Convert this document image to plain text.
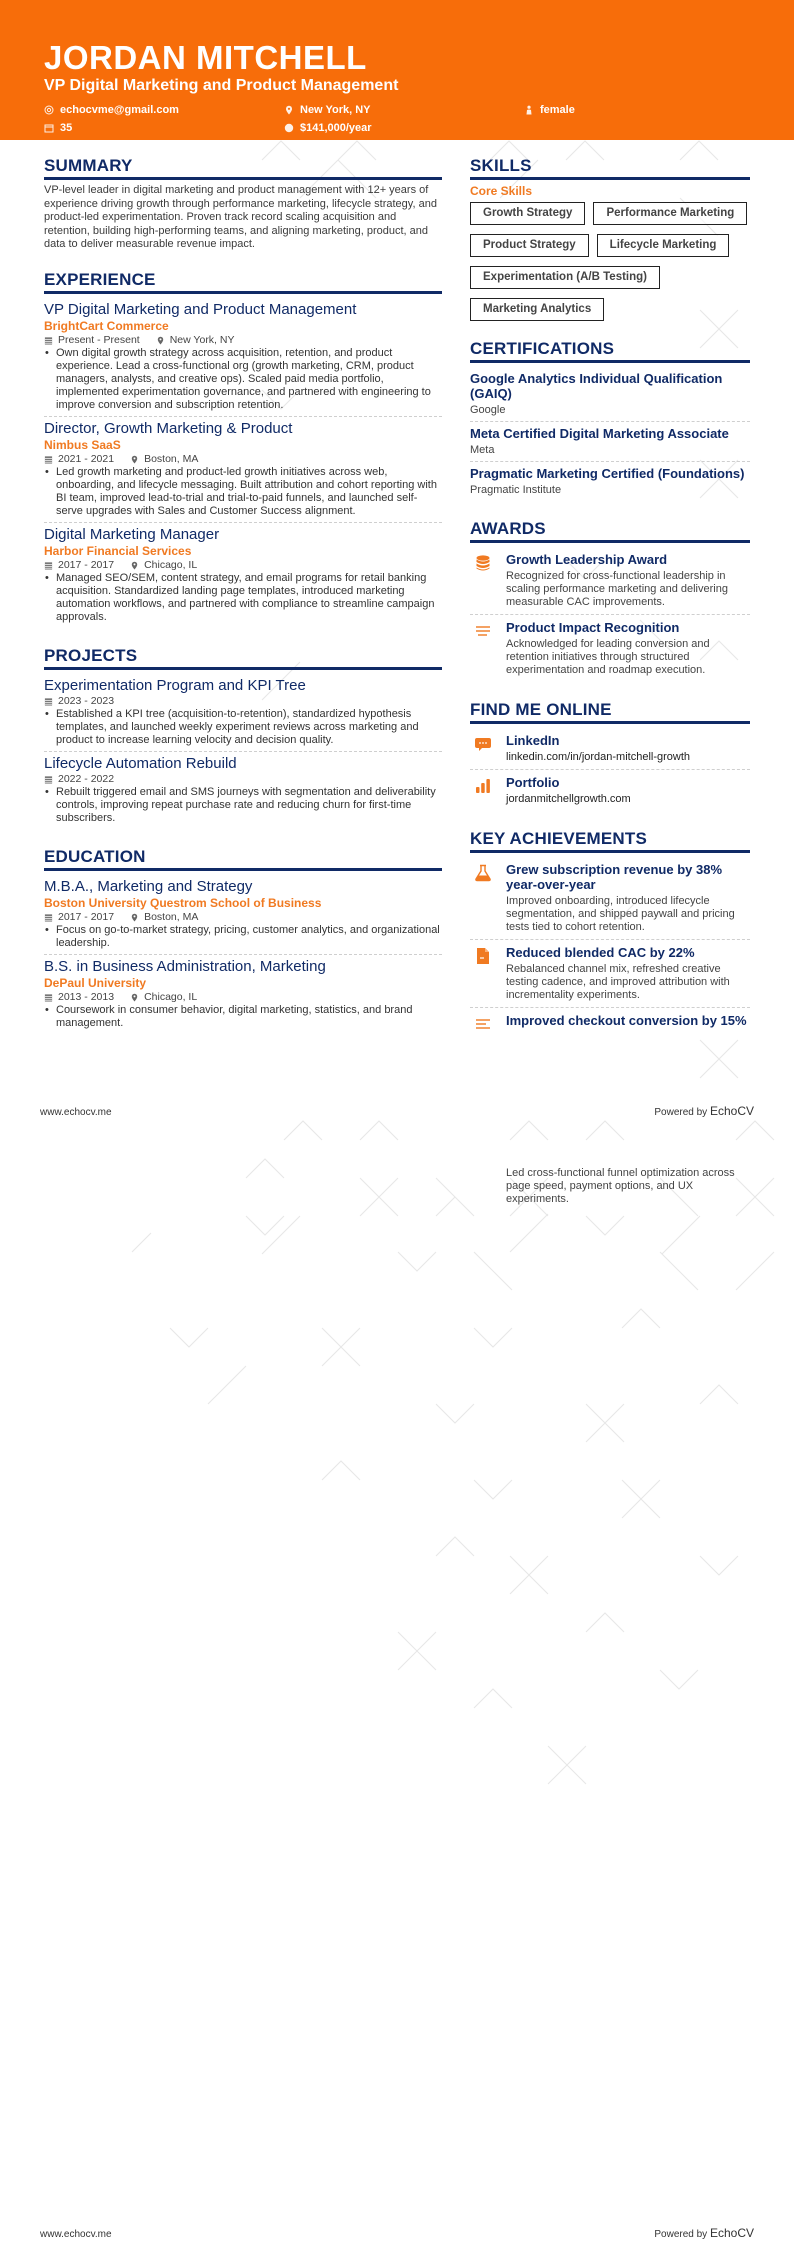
JORDAN MITCHELL
VP Digital Marketing and Product Management
echocvme@gmail.com	New York, NY	female
35	$ $141,000/year
SUMMARY

VP-level leader in digital marketing and product management with 12+ years of experience driving growth through performance marketing, lifecycle strategy, and product-led experimentation. Proven track record scaling acquisition and retention, building high-performing teams, and aligning marketing, product, and data to deliver measurable revenue impact.

EXPERIENCE
VP Digital Marketing and Product Management
BrightCart Commerce
Present - Present	New York, NY
• Own digital growth strategy across acquisition, retention, and product experience. Lead a cross-functional org (growth marketing, CRM, product managers, analysts, and creative ops). Scaled paid media portfolio, implemented experimentation governance, and partnered with engineering to improve conversion and subscription retention.
Director, Growth Marketing & Product
Nimbus SaaS
2021 - 2021	Boston, MA
• Led growth marketing and product-led growth initiatives across web, onboarding, and lifecycle messaging. Built attribution and cohort reporting with BI team, improved lead-to-trial and trial-to-paid funnels, and launched self-serve upgrades with Sales and Customer Success alignment.
Digital Marketing Manager
Harbor Financial Services
2017 - 2017	Chicago, IL
• Managed SEO/SEM, content strategy, and email programs for retail banking acquisition. Standardized landing page templates, introduced marketing automation workflows, and partnered with compliance to streamline campaign approvals.
PROJECTS
Experimentation Program and KPI Tree
2023 - 2023
• Established a KPI tree (acquisition-to-retention), standardized hypothesis templates, and launched weekly experiment reviews across marketing and product to increase learning velocity and decision quality.
Lifecycle Automation Rebuild
2022 - 2022
• Rebuilt triggered email and SMS journeys with segmentation and deliverability controls, improving repeat purchase rate and reducing churn for first-time subscribers.
EDUCATION
M.B.A., Marketing and Strategy
Boston University Questrom School of Business
2017 - 2017	Boston, MA
• Focus on go-to-market strategy, pricing, customer analytics, and organizational leadership.
B.S. in Business Administration, Marketing
DePaul University
2013 - 2013	Chicago, IL
• Coursework in consumer behavior, digital marketing, statistics, and brand management.
SKILLS
Core Skills
Growth Strategy	Performance Marketing
Product Strategy	Lifecycle Marketing
Experimentation (A/B Testing)
Marketing Analytics
CERTIFICATIONS
Google Analytics Individual Qualification (GAIQ)
Google
Meta Certified Digital Marketing Associate
Meta
Pragmatic Marketing Certified (Foundations)
Pragmatic Institute
AWARDS
Growth Leadership Award
Recognized for cross-functional leadership in scaling performance marketing and delivering measurable CAC improvements.
Product Impact Recognition
Acknowledged for leading conversion and retention initiatives through structured experimentation and roadmap execution.
FIND ME ONLINE
LinkedIn
linkedin.com/in/jordan-mitchell-growth
Portfolio
jordanmitchellgrowth.com
KEY ACHIEVEMENTS
Grew subscription revenue by 38% year-over-year
Improved onboarding, introduced lifecycle segmentation, and shipped paywall and pricing tests tied to cohort retention.
Reduced blended CAC by 22%
Rebalanced channel mix, refreshed creative testing cadence, and improved attribution with incrementality experiments.
Improved checkout conversion by 15%
www.echocv.me	Powered by EchoCV
Led cross-functional funnel optimization across page speed, payment options, and UX experiments.
www.echocv.me	Powered by EchoCV
